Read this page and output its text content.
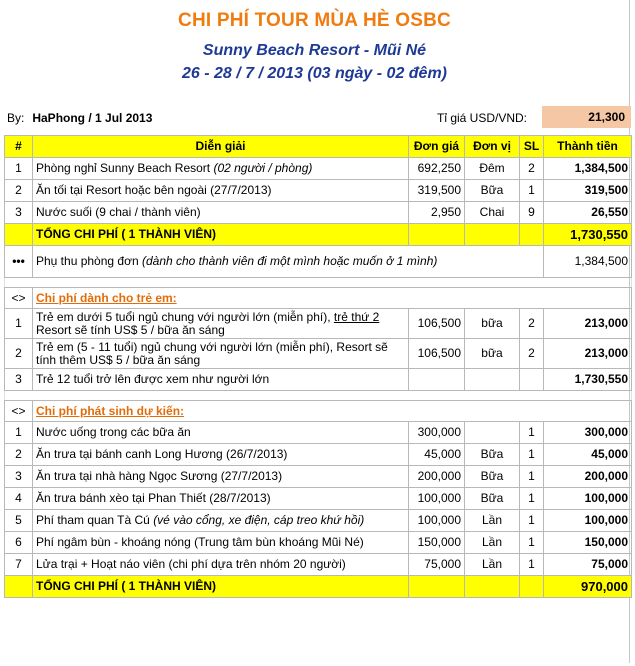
CHI PHÍ TOUR MÙA HÈ OSBC
Sunny Beach Resort - Mũi Né
26 - 28 / 7 / 2013 (03 ngày - 02 đêm)
By: HaPhong / 1 Jul 2013	Tỉ giá USD/VND:	21,300
#	Diễn giải	Đơn giá	Đơn vị	SL	Thành tiền
1	Phòng nghỉ Sunny Beach Resort (02 người / phòng)	692,250	Đêm	2	1,384,500
2	Ăn tối tại Resort hoặc bên ngoài (27/7/2013)	319,500	Bữa	1	319,500
3	Nước suối (9 chai / thành viên)	2,950	Chai	9	26,550
	TỔNG CHI PHÍ ( 1 THÀNH VIÊN)				1,730,550
•••	Phụ thu phòng đơn (dành cho thành viên đi một mình hoặc muốn ở 1 mình)				1,384,500

<>	Chi phí dành cho trẻ em:				
1	Trẻ em dưới 5 tuổi ngủ chung với người lớn (miễn phí), trẻ thứ 2 Resort sẽ tính US$ 5 / bữa ăn sáng	106,500	bữa	2	213,000
2	Trẻ em (5 - 11 tuổi) ngủ chung với người lớn (miễn phí), Resort sẽ tính thêm US$ 5 / bữa ăn sáng	106,500	bữa	2	213,000
3	Trẻ 12 tuổi trở lên được xem như người lớn				1,730,550

<>	Chi phí phát sinh dự kiến:				
1	Nước uống trong các bữa ăn	300,000		1	300,000
2	Ăn trưa tại bánh canh Long Hương (26/7/2013)	45,000	Bữa	1	45,000
3	Ăn trưa tại nhà hàng Ngọc Sương (27/7/2013)	200,000	Bữa	1	200,000
4	Ăn trưa bánh xèo tại Phan Thiết (28/7/2013)	100,000	Bữa	1	100,000
5	Phí tham quan Tà Cú (vé vào cổng, xe điện, cáp treo khứ hồi)	100,000	Lần	1	100,000
6	Phí ngâm bùn - khoáng nóng (Trung tâm bùn khoáng Mũi Né)	150,000	Lần	1	150,000
7	Lửa trại + Hoạt náo viên (chi phí dựa trên nhóm 20 người)	75,000	Lần	1	75,000
	TỔNG CHI PHÍ ( 1 THÀNH VIÊN)				970,000
